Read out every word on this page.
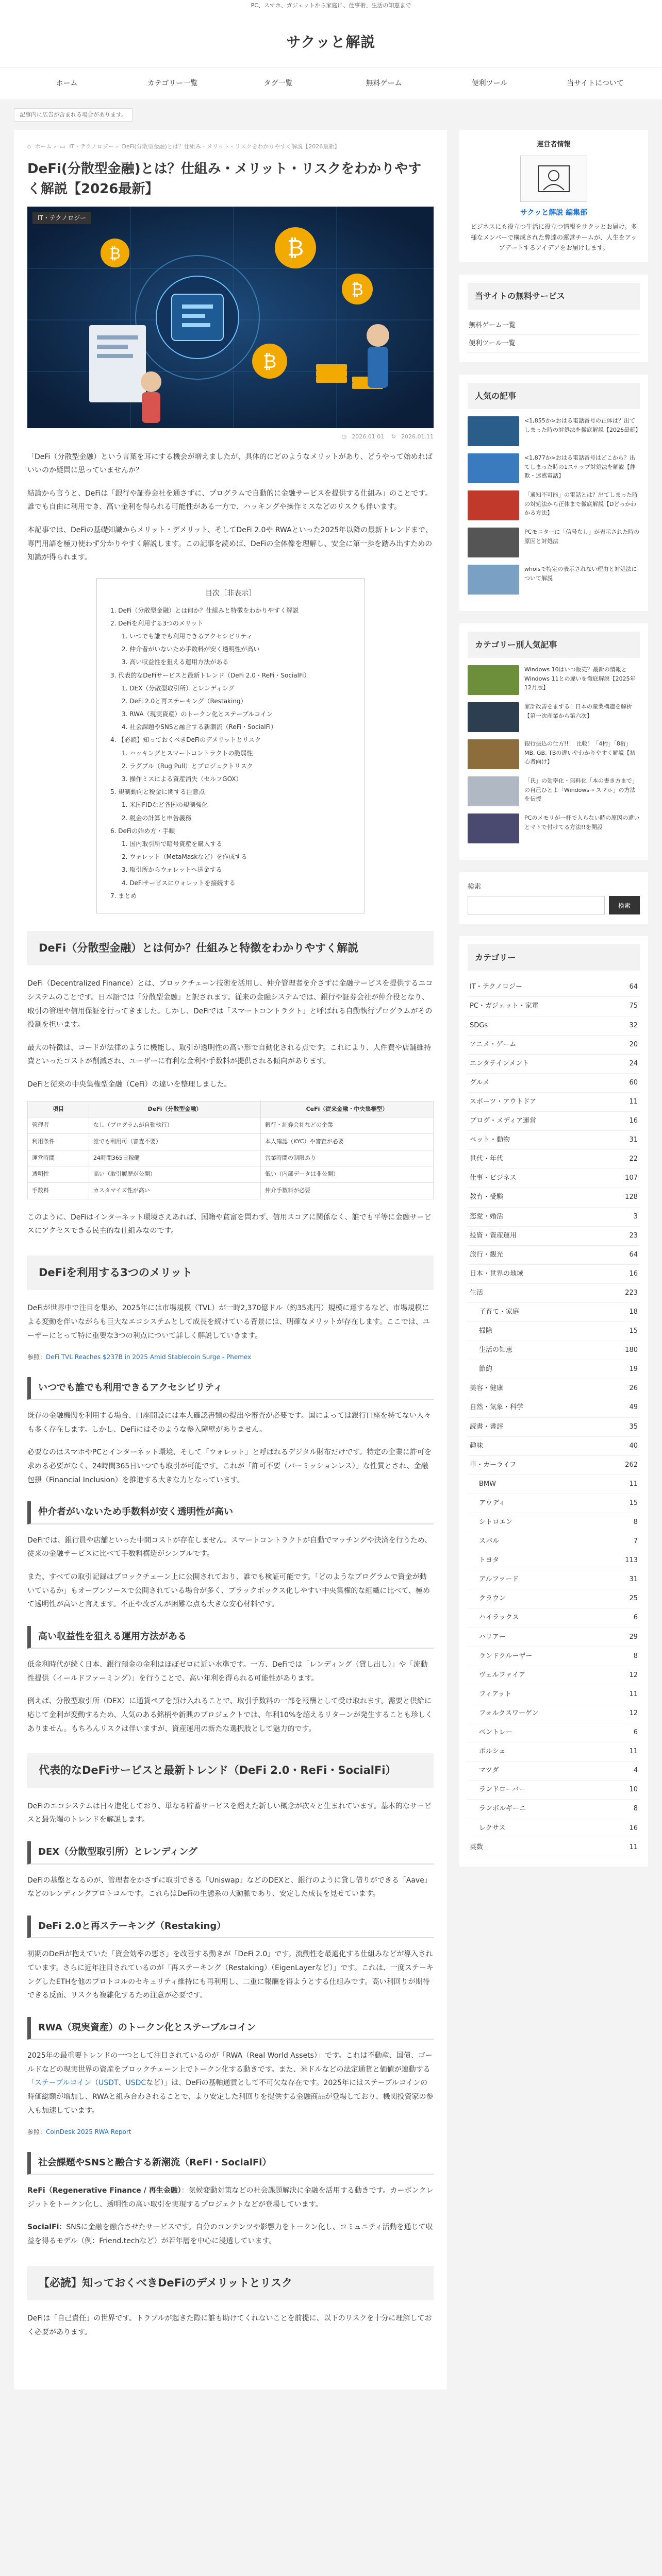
PC、スマホ、ガジェットから家庭に、仕事術、生活の知恵まで
サクッと解説
ホーム	カテゴリー一覧	タグ一覧	無料ゲーム	便利ツール	当サイトについて
記事内に広告が含まれる場合があります。
⌂ ホーム › ▭ IT・テクノロジー › DeFi(分散型金融)とは？仕組み・メリット・リスクをわかりやすく解説【2026最新】
DeFi(分散型金融)とは？仕組み・メリット・リスクをわかりやすく解説【2026最新】
IT・テクノロジー
₿
₿
₿
₿
◷ 2026.01.01 ↻ 2026.01.11

「DeFi（分散型金融）という言葉を耳にする機会が増えましたが、具体的にどのようなメリットがあり、どうやって始めればいいのか疑問に思っていませんか？

結論から言うと、DeFiは「銀行や証券会社を通さずに、プログラムで自動的に金融サービスを提供する仕組み」のことです。誰でも自由に利用でき、高い金利を得られる可能性がある一方で、ハッキングや操作ミスなどのリスクも伴います。

本記事では、DeFiの基礎知識からメリット・デメリット、そしてDeFi 2.0や RWAといった2025年以降の最新トレンドまで、専門用語を極力使わず分かりやすく解説します。この記事を読めば、DeFiの全体像を理解し、安全に第一歩を踏み出すための知識が得られます。

目次［非表示］
1. DeFi（分散型金融）とは何か？仕組みと特徴をわかりやすく解説
2. DeFiを利用する3つのメリット
1. いつでも誰でも利用できるアクセシビリティ
2. 仲介者がいないため手数料が安く透明性が高い
3. 高い収益性を狙える運用方法がある
3. 代表的なDeFiサービスと最新トレンド（DeFi 2.0・ReFi・SocialFi）
1. DEX（分散型取引所）とレンディング
2. DeFi 2.0と再ステーキング（Restaking）
3. RWA（現実資産）のトークン化とステーブルコイン
4. 社会課題やSNSと融合する新潮流（ReFi・SocialFi）
4. 【必読】知っておくべきDeFiのデメリットとリスク
1. ハッキングとスマートコントラクトの脆弱性
2. ラグプル（Rug Pull）とプロジェクトリスク
3. 操作ミスによる資産消失（セルフGOX）
5. 規制動向と税金に関する注意点
1. 米国FIDなど各国の規制強化
2. 税金の計算と申告義務
6. DeFiの始め方・手順
1. 国内取引所で暗号資産を購入する
2. ウォレット（MetaMaskなど）を作成する
3. 取引所からウォレットへ送金する
4. DeFiサービスにウォレットを接続する
7. まとめ
DeFi（分散型金融）とは何か？仕組みと特徴をわかりやすく解説

DeFi（Decentralized Finance）とは、ブロックチェーン技術を活用し、仲介管理者を介さずに金融サービスを提供するエコシステムのことです。日本語では「分散型金融」と訳されます。従来の金融システムでは、銀行や証券会社が仲介役となり、取引の管理や信用保証を行ってきました。しかし、DeFiでは「スマートコントラクト」と呼ばれる自動執行プログラムがその役割を担います。

最大の特徴は、コードが法律のように機能し、取引が透明性の高い形で自動化される点です。これにより、人件費や店舗維持費といったコストが削減され、ユーザーに有利な金利や手数料が提供される傾向があります。

DeFiと従来の中央集権型金融（CeFi）の違いを整理しました。

項目	DeFi（分散型金融）	CeFi（従来金融・中央集権型）
管理者	なし（プログラムが自動執行）	銀行・証券会社などの企業
利用条件	誰でも利用可（審査不要）	本人確認（KYC）や審査が必要
運営時間	24時間365日稼働	営業時間の制限あり
透明性	高い（取引履歴が公開）	低い（内部データは非公開）
手数料	カスタマイズ性が高い	仲介手数料が必要

このように、DeFiはインターネット環境さえあれば、国籍や貧富を問わず、信用スコアに関係なく、誰でも平等に金融サービスにアクセスできる民主的な仕組みなのです。

DeFiを利用する3つのメリット

DeFiが世界中で注目を集め、2025年には市場規模（TVL）が一時2,370億ドル（約35兆円）規模に達するなど、市場規模による変動を伴いながらも巨大なエコシステムとして成長を続けている背景には、明確なメリットが存在します。ここでは、ユーザーにとって特に重要な3つの利点について詳しく解説していきます。

参照：DeFi TVL Reaches $237B in 2025 Amid Stablecoin Surge - Phemex
いつでも誰でも利用できるアクセシビリティ

既存の金融機関を利用する場合、口座開設には本人確認書類の提出や審査が必要です。国によっては銀行口座を持てない人々も多く存在します。しかし、DeFiにはそのような参入障壁がありません。

必要なのはスマホやPCとインターネット環境、そして「ウォレット」と呼ばれるデジタル財布だけです。特定の企業に許可を求める必要がなく、24時間365日いつでも取引が可能です。これが「許可不要（パーミッションレス）」な性質とされ、金融包摂（Financial Inclusion）を推進する大きな力となっています。

仲介者がいないため手数料が安く透明性が高い

DeFiでは、銀行員や店舗といった中間コストが存在しません。スマートコントラクトが自動でマッチングや決済を行うため、従来の金融サービスに比べて手数料構造がシンプルです。

また、すべての取引記録はブロックチェーン上に公開されており、誰でも検証可能です。「どのようなプログラムで資金が動いているか」もオープンソースで公開されている場合が多く、ブラックボックス化しやすい中央集権的な組織に比べて、極めて透明性が高いと言えます。不正や改ざんが困難な点も大きな安心材料です。

高い収益性を狙える運用方法がある

低金利時代が続く日本、銀行預金の金利はほぼゼロに近い水準です。一方、DeFiでは「レンディング（貸し出し）」や「流動性提供（イールドファーミング）」を行うことで、高い年利を得られる可能性があります。

例えば、分散型取引所（DEX）に通貨ペアを預け入れることで、取引手数料の一部を報酬として受け取れます。需要と供給に応じて金利が変動するため、人気のある銘柄や新興のプロジェクトでは、年利10%を超えるリターンが発生することも珍しくありません。もちろんリスクは伴いますが、資産運用の新たな選択肢として魅力的です。

代表的なDeFiサービスと最新トレンド（DeFi 2.0・ReFi・SocialFi）

DeFiのエコシステムは日々進化しており、単なる貯蓄サービスを超えた新しい概念が次々と生まれています。基本的なサービスと最先端のトレンドを解説します。

DEX（分散型取引所）とレンディング

DeFiの基盤となるのが、管理者をかさずに取引できる「Uniswap」などのDEXと、銀行のように貸し借りができる「Aave」などのレンディングプロトコルです。これらはDeFiの生態系の大動脈であり、安定した成長を見せています。

DeFi 2.0と再ステーキング（Restaking）

初期のDeFiが抱えていた「資金効率の悪さ」を改善する動きが「DeFi 2.0」です。流動性を最適化する仕組みなどが導入されています。さらに近年注目されているのが「再ステーキング（Restaking）（EigenLayerなど）」です。これは、一度ステーキングしたETHを他のプロトコルのセキュリティ維持にも再利用し、二重に報酬を得ようとする仕組みです。高い利回りが期待できる反面、リスクも複雑化するため注意が必要です。

RWA（現実資産）のトークン化とステーブルコイン

2025年の最重要トレンドの一つとして注目されているのが「RWA（Real World Assets）」です。これは不動産、国債、ゴールドなどの現実世界の資産をブロックチェーン上でトークン化する動きです。また、米ドルなどの法定通貨と価値が連動する「ステーブルコイン（USDT、USDCなど）」は、DeFiの基軸通貨として不可欠な存在です。2025年にはステーブルコインの時価総額が増加し、RWAと組み合わされることで、より安定した利回りを提供する金融商品が登場しており、機関投資家の参入も加速しています。

参照：CoinDesk 2025 RWA Report
社会課題やSNSと融合する新潮流（ReFi・SocialFi）

ReFi（Regenerative Finance / 再生金融）：気候変動対策などの社会課題解決に金融を活用する動きです。カーボンクレジットをトークン化し、透明性の高い取引を実現するプロジェクトなどが登場しています。

SocialFi：SNSに金融を融合させたサービスです。自分のコンテンツや影響力をトークン化し、コミュニティ活動を通じて収益を得るモデル（例：Friend.techなど）が若年層を中心に浸透しています。

【必読】知っておくべきDeFiのデメリットとリスク

DeFiは「自己責任」の世界です。トラブルが起きた際に誰も助けてくれないことを前提に、以下のリスクを十分に理解しておく必要があります。

運営者情報
サクッと解説 編集部
ビジネスにも役立つ生活に役立つ情報をサクッとお届け。多様なメンバーで構成された弊達の運営チームが、人生をアップデートするアイデアをお届けします。
当サイトの無料サービス
無料ゲーム一覧
便利ツール一覧
人気の記事
<1,855か>おはる電話番号の正体は？出てしまった時の対処法を徹底解説【2026最新】
<1,877か>おはる電話番号はどこから？出てしまった時の1ステップ対処法を解説【詐欺・迷惑電話】
「通知不可能」の電話とは？出てしまった時の対処法から正体まで徹底解説【Dどっかわかる方法】
PCモニターに「信号なし」が表示された時の原因と対処法
whoisで特定の表示されない理由と対処法について解説
カテゴリー別人気記事
Windows 10はいつ販売？最新の情報とWindows 11との違いを徹底解説【2025年12月版】
家計改善をまずる！日本の産業構造を解析【第一次産業から第六次】
銀行振込の仕方!!！ 比較！「4桁」「8桁」MB, GB, TBの違いやわかりやすく解説【初心者向け】
「氏」の効率化・無料化「本の書き方まで」の自己ひとよ「Windows→ スマホ」の方法を伝授
PCのメモリが一杯で入らない時の原因の違いとマトで付けてる方法!!を開設
検索
検索
カテゴリー
IT・テクノロジー	64
PC・ガジェット・家電	75
SDGs	32
アニメ・ゲーム	20
エンタテインメント	24
グルメ	60
スポーツ・アウトドア	11
ブログ・メディア運営	16
ペット・動物	31
世代・年代	22
仕事・ビジネス	107
教育・受験	128
恋愛・婚活	3
投資・資産運用	23
旅行・観光	64
日本・世界の地域	16
生活	223
子育て・家庭	18
掃除	15
生活の知恵	180
節約	19
美容・健康	26
自然・気象・科学	49
読書・書評	35
趣味	40
車・カーライフ	262
BMW	11
アウディ	15
シトロエン	8
スバル	7
トヨタ	113
アルファード	31
クラウン	25
ハイラックス	6
ハリアー	29
ランドクルーザー	8
ヴェルファイア	12
フィアット	11
フォルクスワーゲン	12
ベントレー	6
ポルシェ	11
マツダ	4
ランドローバー	10
ランボルギーニ	8
レクサス	16
英数	11
